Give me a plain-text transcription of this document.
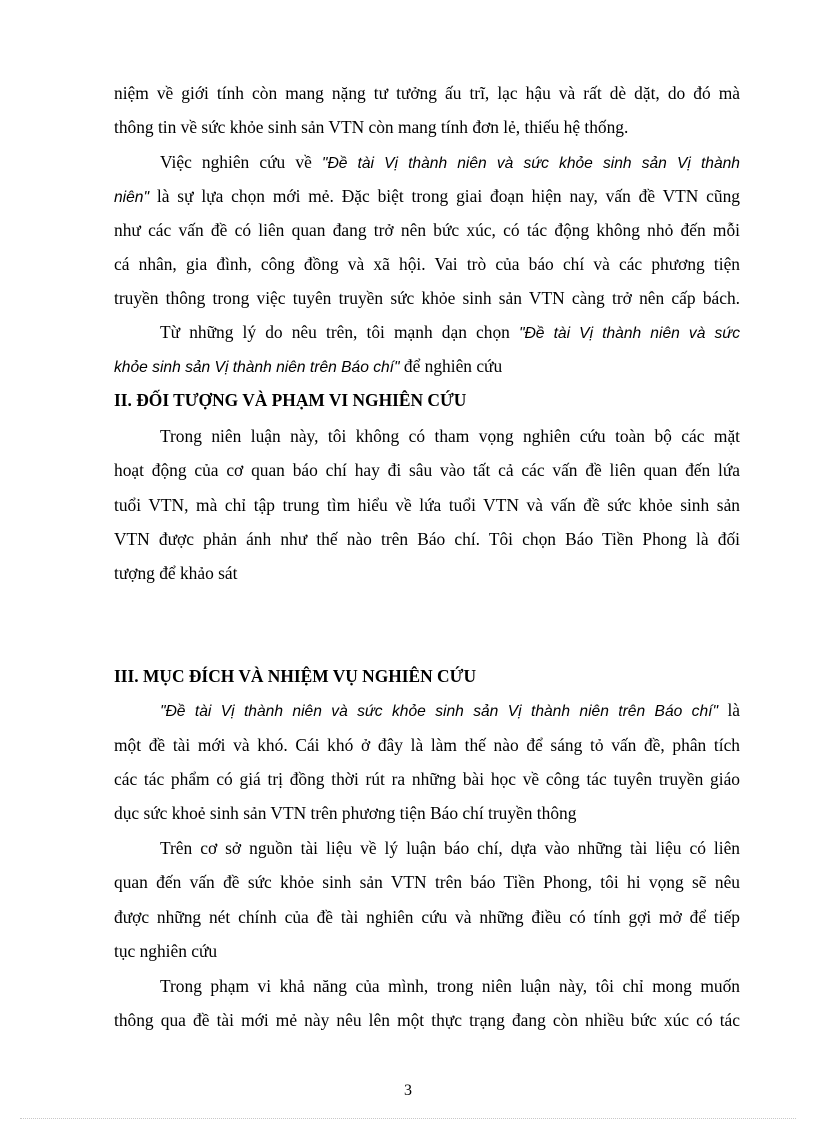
niệm về giới tính còn mang nặng tư tưởng ấu trĩ, lạc hậu và rất dè dặt, do đó mà
thông tin về sức khỏe sinh sản VTN còn mang tính đơn lẻ, thiếu hệ thống.
Việc nghiên cứu về "Đề tài Vị thành niên và sức khỏe sinh sản Vị thành
niên" là sự lựa chọn mới mẻ. Đặc biệt trong giai đoạn hiện nay, vấn đề VTN cũng
như các vấn đề có liên quan đang trở nên bức xúc, có tác động không nhỏ đến mỗi
cá nhân, gia đình, công đồng và xã hội. Vai trò của báo chí và các phương tiện
truyền thông trong việc tuyên truyền sức khỏe sinh sản VTN càng trở nên cấp bách.
Từ những lý do nêu trên, tôi mạnh dạn chọn "Đề tài Vị thành niên và sức
khỏe sinh sản Vị thành niên trên Báo chí" để nghiên cứu
II. ĐỐI TƯỢNG VÀ PHẠM VI NGHIÊN CỨU
Trong niên luận này, tôi không có tham vọng nghiên cứu toàn bộ các mặt
hoạt động của cơ quan báo chí hay đi sâu vào tất cả các vấn đề liên quan đến lứa
tuổi VTN, mà chỉ tập trung tìm hiểu về lứa tuổi VTN và vấn đề sức khỏe sinh sản
VTN được phản ánh như thế nào trên Báo chí. Tôi chọn Báo Tiền Phong là đối
tượng để khảo sát
III. MỤC ĐÍCH VÀ NHIỆM VỤ NGHIÊN CỨU
"Đề tài Vị thành niên và sức khỏe sinh sản Vị thành niên trên Báo chí" là
một đề tài mới và khó. Cái khó ở đây là làm thế nào để sáng tỏ vấn đề, phân tích
các tác phẩm có giá trị đồng thời rút ra những bài học về công tác tuyên truyền giáo
dục sức khoẻ sinh sản VTN trên phương tiện Báo chí truyền thông
Trên cơ sở nguồn tài liệu về lý luận báo chí, dựa vào những tài liệu có liên
quan đến vấn đề sức khỏe sinh sản VTN trên báo Tiền Phong, tôi hi vọng sẽ nêu
được những nét chính của đề tài nghiên cứu và những điều có tính gợi mở để tiếp
tục nghiên cứu
Trong phạm vi khả năng của mình, trong niên luận này, tôi chỉ mong muốn
thông qua đề tài mới mẻ này nêu lên một thực trạng đang còn nhiều bức xúc có tác
3
